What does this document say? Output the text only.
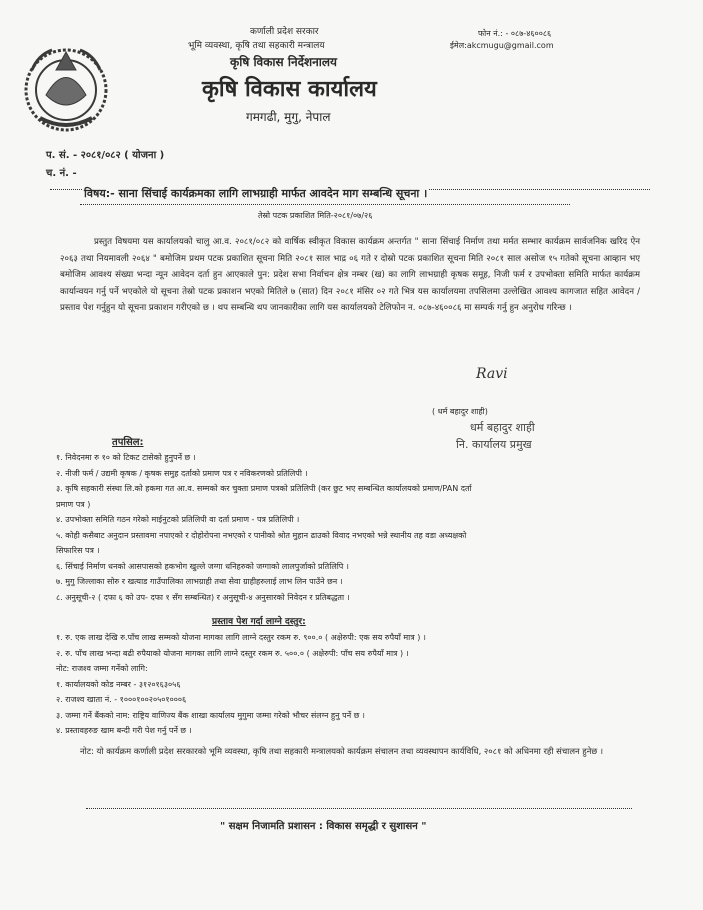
कर्णाली प्रदेश सरकार
भूमि व्यवस्था, कृषि तथा सहकारी मन्त्रालय
कृषि विकास निर्देशनालय
कृषि विकास कार्यालय
गमगढी, मुगु, नेपाल
फोन नं.: - ०८७-४६००८६
ईमेल:akcmugu@gmail.com
प. सं. - २०८१/०८२ ( योजना )
च. नं. -
विषय:- साना सिंचाई कार्यक्रमका लागि लाभग्राही मार्फत आवदेन माग सम्बन्धि सूचना ।
तेस्रो पटक प्रकाशित मिति-२०८१/०७/२६
प्रस्तुत विषयमा यस कार्यालयको चालु आ.व. २०८१/०८२ को वार्षिक स्वीकृत विकास कार्यक्रम अन्तर्गत " साना सिंचाई निर्माण तथा मर्मत सम्भार कार्यक्रम सार्वजनिक खरिद ऐन २०६३ तथा नियमावली २०६४ " बमोजिम प्रथम पटक प्रकाशित सूचना मिति २०८१ साल भाद्र ०६ गते र दोस्रो पटक प्रकाशित सूचना मिति २०८१ साल असोज १५ गतेको सूचना आव्हान भए बमोजिम आवश्य संख्या भन्दा न्यून आवेदन दर्ता हुन आएकाले पुन: प्रदेश सभा निर्वाचन क्षेत्र नम्बर (ख) का लागि लाभग्राही कृषक समूह, निजी फर्म र उपभोक्ता समिति मार्फत कार्यक्रम कार्यान्वयन गर्नु पर्ने भएकोले यो सूचना तेस्रो पटक प्रकाशन भएको मितिले ७ (सात) दिन २०८१ मंसिर ०२ गते भित्र यस कार्यालयमा तपसिलमा उल्लेखित आवश्य कागजात सहित आवेदन / प्रस्ताव पेश गर्नुहुन यो सूचना प्रकाशन गरीएको छ । थप सम्बन्धि थप जानकारीका लागि यस कार्यालयको टेलिफोन न. ०८७-४६००८६ मा सम्पर्क गर्नु हुन अनुरोध गरिन्छ ।
Ravi
( धर्म बहादुर शाही)
धर्म बहादुर शाही
नि. कार्यालय प्रमुख
तपसिल:
१. निवेदनमा रु १० को टिकट टासेको हुनुपर्ने छ ।
२. नीजी फर्म / उद्यमी कृषक / कृषक समुह दर्ताको प्रमाण पत्र र नविकरणको प्रतिलिपी ।
३. कृषि सहकारी संस्था लि.को हकमा गत आ.व. सम्मको कर चुक्ता प्रमाण पत्रको प्रतिलिपी (कर छुट भए सम्बन्धित कार्यालयको प्रमाण/PAN दर्ता
प्रमाण पत्र )
४. उपभोक्ता समिति गठन गरेको माईनुटको प्रतिलिपी वा दर्ता प्रमाण - पत्र प्रतिलिपी ।
५. कोही कसैबाट अनुदान प्रस्तावमा नपाएको र दोहोरोपना नभएको र पानीको श्रोत मुहान ढाउको विवाद नभएको भन्ने स्थानीय तह वडा अध्यक्षको
सिफारिस पत्र ।
६. सिंचाई निर्माण धनको आसपासको हकभोग खुल्ले जग्गा धनिहरुको जग्गाको लालपुर्जाको प्रतिलिपि ।
७. मुगु जिल्लाका सोरु र खत्याड गाउँपालिका लाभग्राही तथा सेवा ग्राहीहरुलाई लाभ लिन पाउँने छन ।
८. अनुसूची-२ ( दफा ६ को उप- दफा १ सँग सम्बन्धित) र अनुसूची-४ अनुसारको निवेदन र प्रतिबद्धता ।
प्रस्ताव पेश गर्दा लाग्ने दस्तुर:
१. रु. एक लाख देखि रु.पाँच लाख सम्मको योजना मागका लागि लाग्ने दस्तुर रकम रु. ९००.० ( अक्षेरुपी: एक सय रुपैयाँ मात्र ) ।
२. रु. पाँच लाख भन्दा बढी रुपैयाको योजना मागका लागि लाग्ने दस्तुर रकम रु. ५००.० ( अक्षेरुपी: पाँच सय रुपैयाँ मात्र ) ।
नोट: राजश्व जम्मा गर्नेको लागि:
१. कार्यालयको कोड नम्बर - ३१२०१६३०५६
२. राजश्व खाता नं. - १०००१००२०५०१०००६
३. जम्मा गर्ने बैंकको नाम: राष्ट्रिय वाणिज्य बैंक शाखा कार्यालय मुगुमा जम्मा गरेको भौचर संलग्न हुनु पर्ने छ ।
४. प्रस्तावहरुङ खाम बन्दी गरी पेश गर्नु पर्ने छ ।
नोट: यो कार्यक्रम कर्णाली प्रदेश सरकारको भूमि व्यवस्था, कृषि तथा सहकारी मन्त्रालयको कार्यक्रम संचालन तथा व्यवस्थापन कार्यविधि, २०८१ को अधिनमा रही संचालन हुनेछ ।
" सक्षम निजामति प्रशासन : विकास समृद्धी र सुशासन "
